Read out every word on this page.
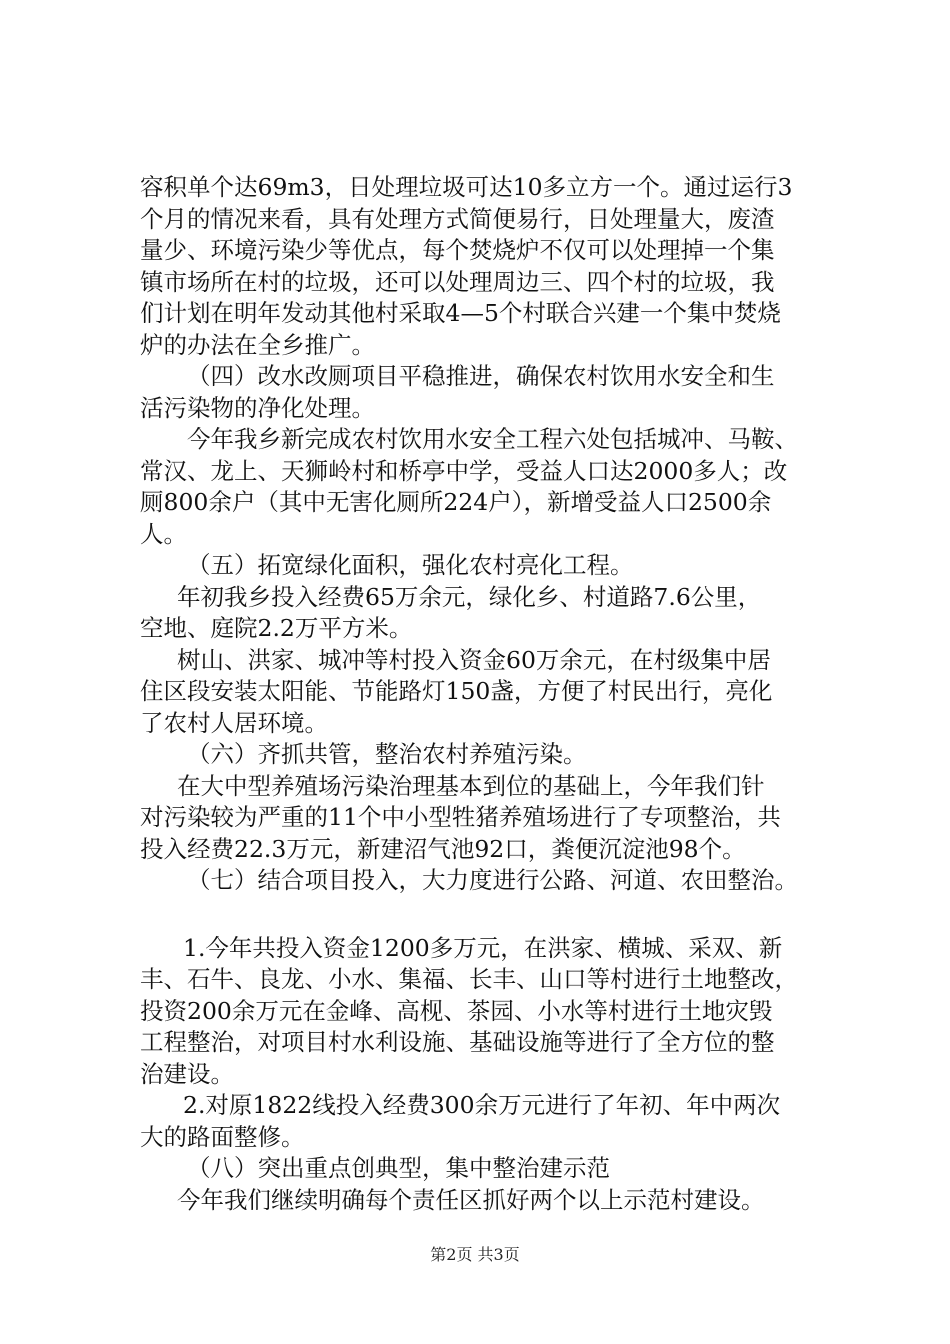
容积单个达69m3，日处理垃圾可达10多立方一个。通过运行3

个月的情况来看，具有处理方式简便易行，日处理量大，废渣

量少、环境污染少等优点，每个焚烧炉不仅可以处理掉一个集

镇市场所在村的垃圾，还可以处理周边三、四个村的垃圾，我

们计划在明年发动其他村采取4—5个村联合兴建一个集中焚烧

炉的办法在全乡推广。

（四）改水改厕项目平稳推进，确保农村饮用水安全和生

活污染物的净化处理。

今年我乡新完成农村饮用水安全工程六处包括城冲、马鞍、

常汉、龙上、天狮岭村和桥亭中学，受益人口达2000多人；改

厕800余户（其中无害化厕所224户），新增受益人口2500余

人。

（五）拓宽绿化面积，强化农村亮化工程。

年初我乡投入经费65万余元，绿化乡、村道路7.6公里，

空地、庭院2.2万平方米。

树山、洪家、城冲等村投入资金60万余元，在村级集中居

住区段安装太阳能、节能路灯150盏，方便了村民出行，亮化

了农村人居环境。

（六）齐抓共管，整治农村养殖污染。

在大中型养殖场污染治理基本到位的基础上，今年我们针

对污染较为严重的11个中小型牲猪养殖场进行了专项整治，共

投入经费22.3万元，新建沼气池92口，粪便沉淀池98个。

（七）结合项目投入，大力度进行公路、河道、农田整治。

1.今年共投入资金1200多万元，在洪家、横城、采双、新

丰、石牛、良龙、小水、集福、长丰、山口等村进行土地整改，

投资200余万元在金峰、高枧、茶园、小水等村进行土地灾毁

工程整治，对项目村水利设施、基础设施等进行了全方位的整

治建设。

2.对原1822线投入经费300余万元进行了年初、年中两次

大的路面整修。

（八）突出重点创典型，集中整治建示范

今年我们继续明确每个责任区抓好两个以上示范村建设。

第2页 共3页
